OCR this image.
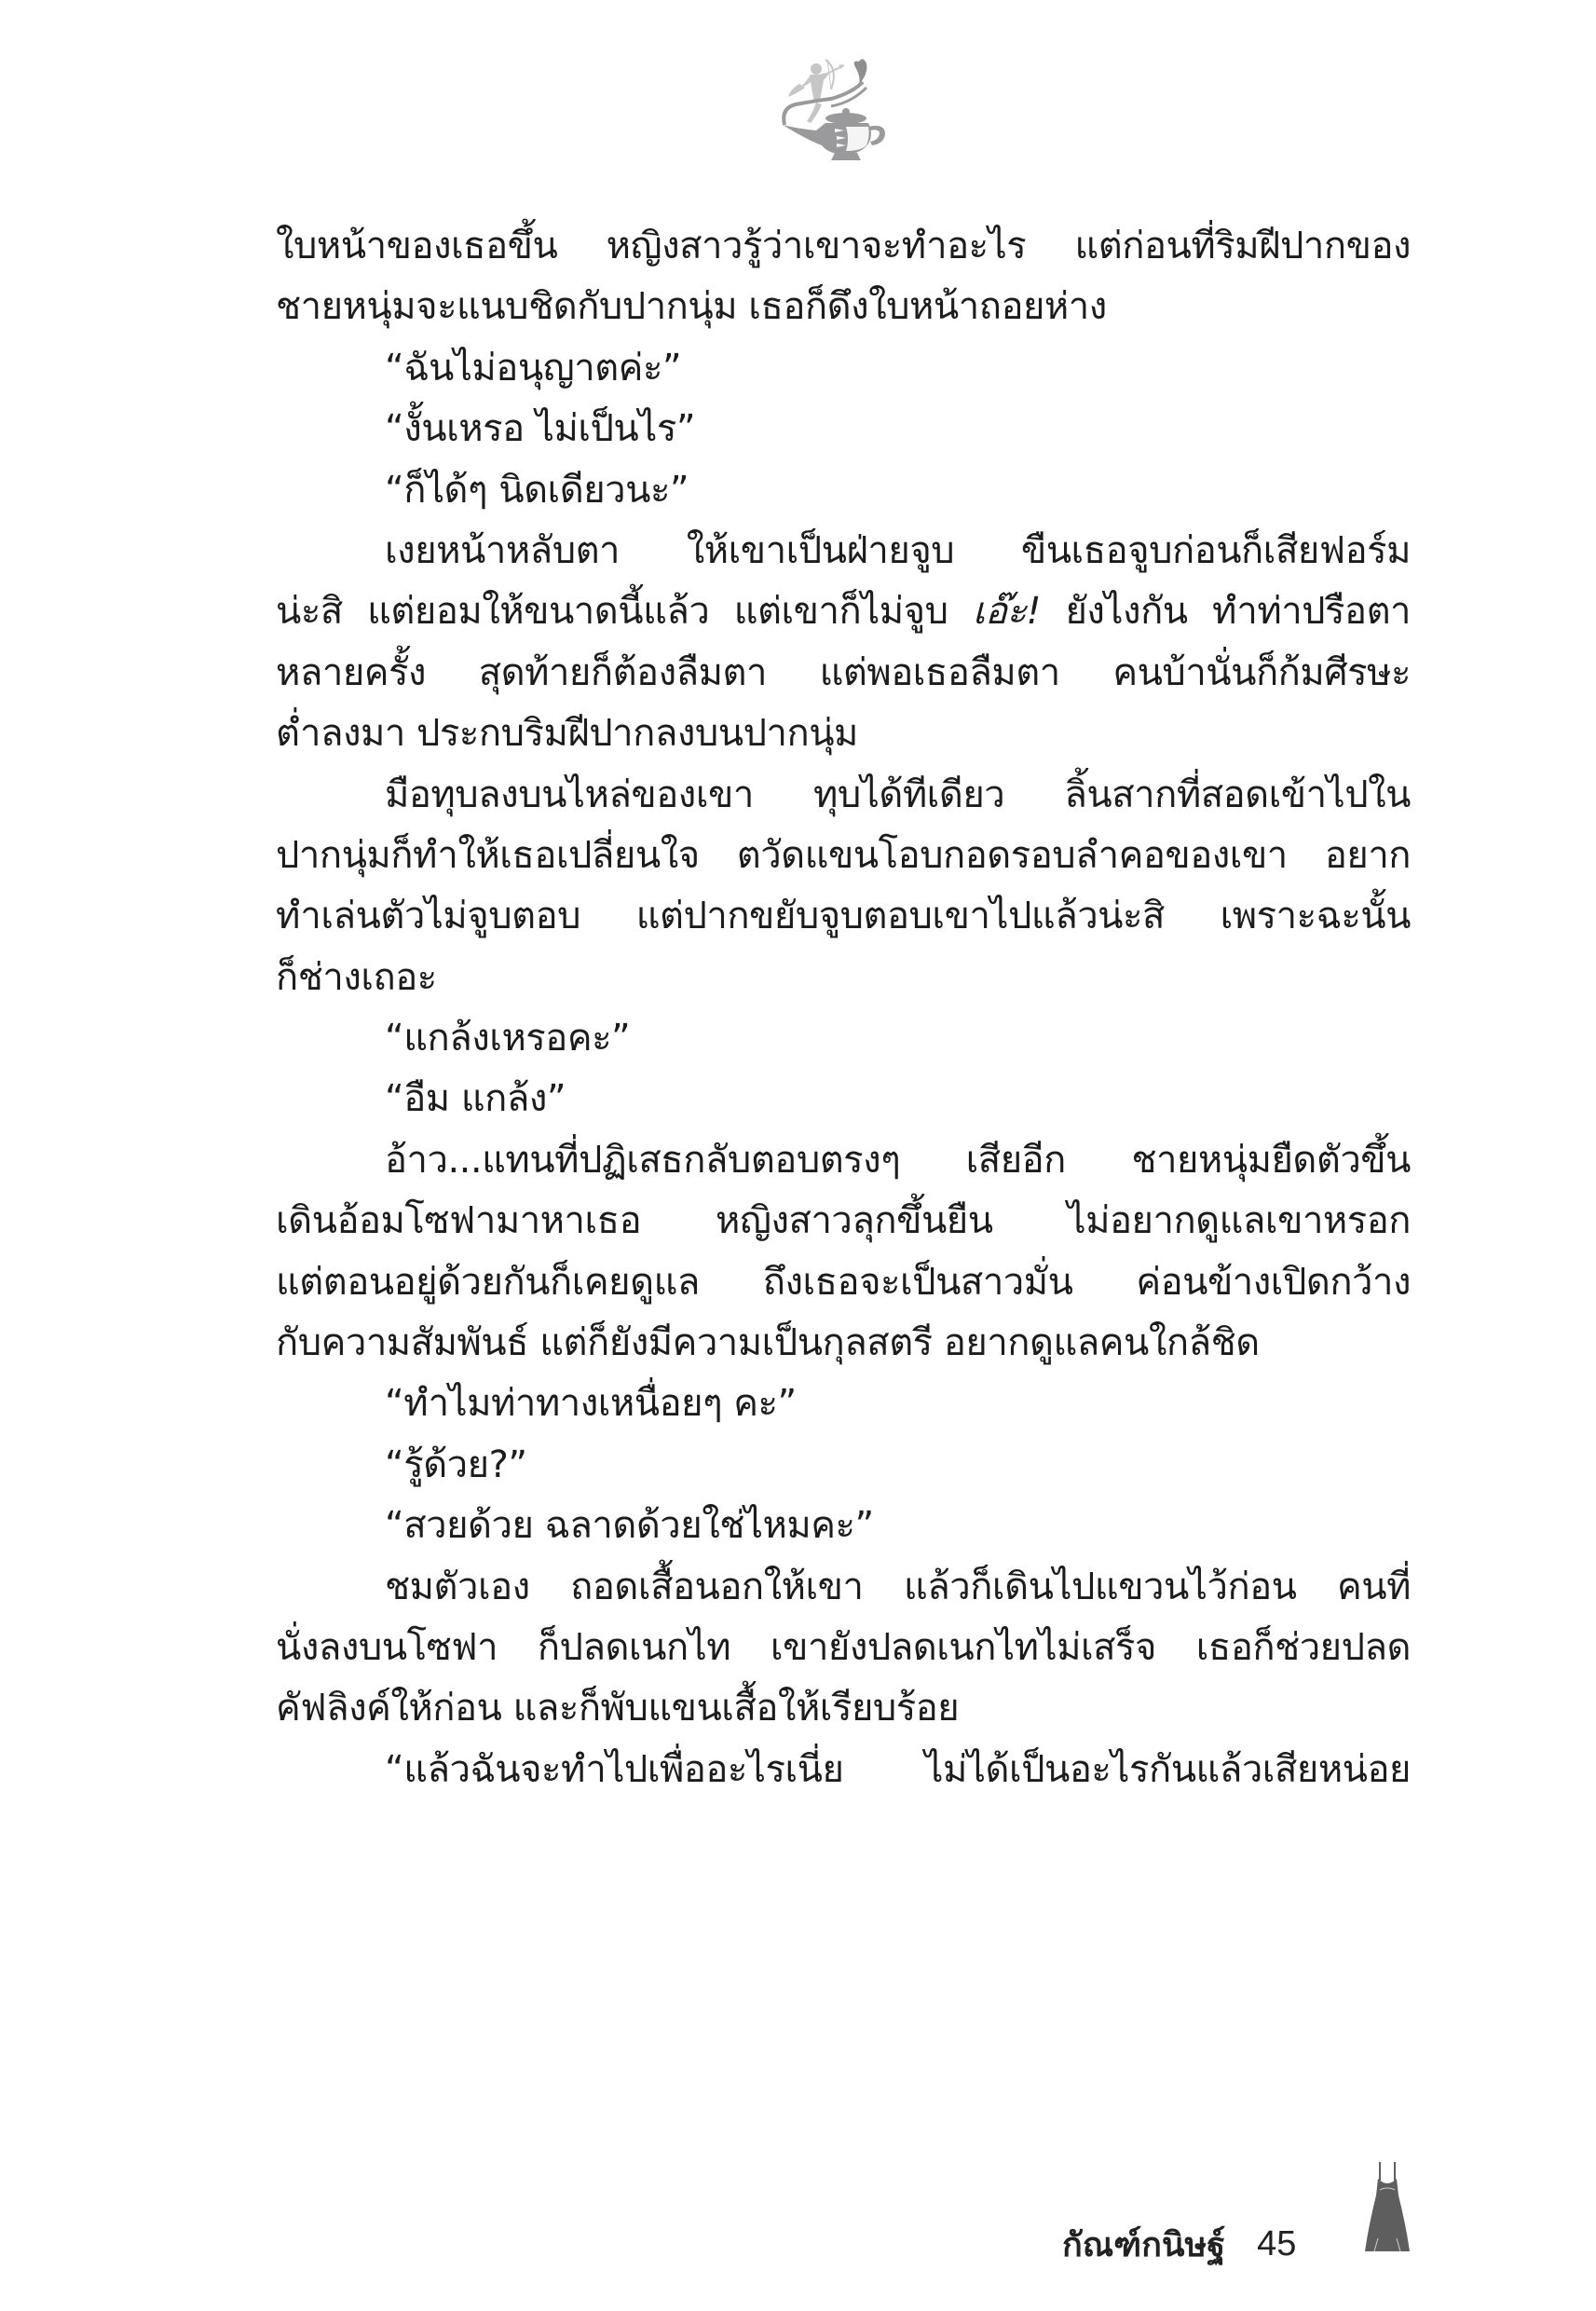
ใบหน้าของเธอขึ้น หญิงสาวรู้ว่าเขาจะทำอะไร แต่ก่อนที่ริมฝีปากของ
ชายหนุ่มจะแนบชิดกับปากนุ่ม เธอก็ดึงใบหน้าถอยห่าง
“ฉันไม่อนุญาตค่ะ”
“งั้นเหรอ ไม่เป็นไร”
“ก็ได้ๆ นิดเดียวนะ”
เงยหน้าหลับตา ให้เขาเป็นฝ่ายจูบ ขืนเธอจูบก่อนก็เสียฟอร์ม
น่ะสิ แต่ยอมให้ขนาดนี้แล้ว แต่เขาก็ไม่จูบ เอ๊ะ! ยังไงกัน ทำท่าปรือตา
หลายครั้ง สุดท้ายก็ต้องลืมตา แต่พอเธอลืมตา คนบ้านั่นก็ก้มศีรษะ
ต่ำลงมา ประกบริมฝีปากลงบนปากนุ่ม
มือทุบลงบนไหล่ของเขา ทุบได้ทีเดียว ลิ้นสากที่สอดเข้าไปใน
ปากนุ่มก็ทำให้เธอเปลี่ยนใจ ตวัดแขนโอบกอดรอบลำคอของเขา อยาก
ทำเล่นตัวไม่จูบตอบ แต่ปากขยับจูบตอบเขาไปแล้วน่ะสิ เพราะฉะนั้น
ก็ช่างเถอะ
“แกล้งเหรอคะ”
“อืม แกล้ง”
อ้าว...แทนที่ปฏิเสธกลับตอบตรงๆ เสียอีก ชายหนุ่มยืดตัวขึ้น
เดินอ้อมโซฟามาหาเธอ หญิงสาวลุกขึ้นยืน ไม่อยากดูแลเขาหรอก
แต่ตอนอยู่ด้วยกันก็เคยดูแล ถึงเธอจะเป็นสาวมั่น ค่อนข้างเปิดกว้าง
กับความสัมพันธ์ แต่ก็ยังมีความเป็นกุลสตรี อยากดูแลคนใกล้ชิด
“ทำไมท่าทางเหนื่อยๆ คะ”
“รู้ด้วย?”
“สวยด้วย ฉลาดด้วยใช่ไหมคะ”
ชมตัวเอง ถอดเสื้อนอกให้เขา แล้วก็เดินไปแขวนไว้ก่อน คนที่
นั่งลงบนโซฟา ก็ปลดเนกไท เขายังปลดเนกไทไม่เสร็จ เธอก็ช่วยปลด
คัฟลิงค์ให้ก่อน และก็พับแขนเสื้อให้เรียบร้อย
“แล้วฉันจะทำไปเพื่ออะไรเนี่ย ไม่ได้เป็นอะไรกันแล้วเสียหน่อย
กัณฑ์กนิษฐ์ 45
